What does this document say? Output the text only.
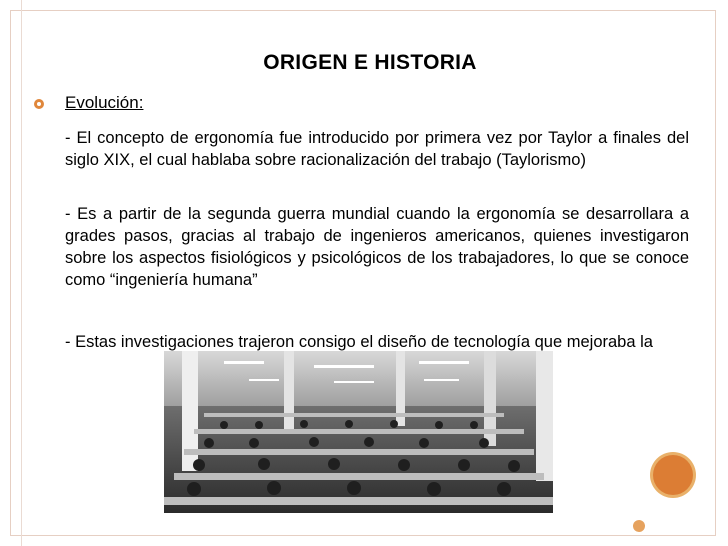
ORIGEN E HISTORIA
Evolución:
- El concepto de ergonomía fue introducido por primera vez por Taylor a finales del siglo XIX, el cual hablaba sobre racionalización del trabajo (Taylorismo)
- Es a partir de la segunda guerra mundial cuando la ergonomía se desarrollara a grades pasos, gracias al trabajo de ingenieros americanos, quienes investigaron sobre los aspectos fisiológicos y psicológicos de los trabajadores, lo que se conoce como “ingeniería humana”
- Estas investigaciones trajeron consigo el diseño de tecnología que mejoraba la
